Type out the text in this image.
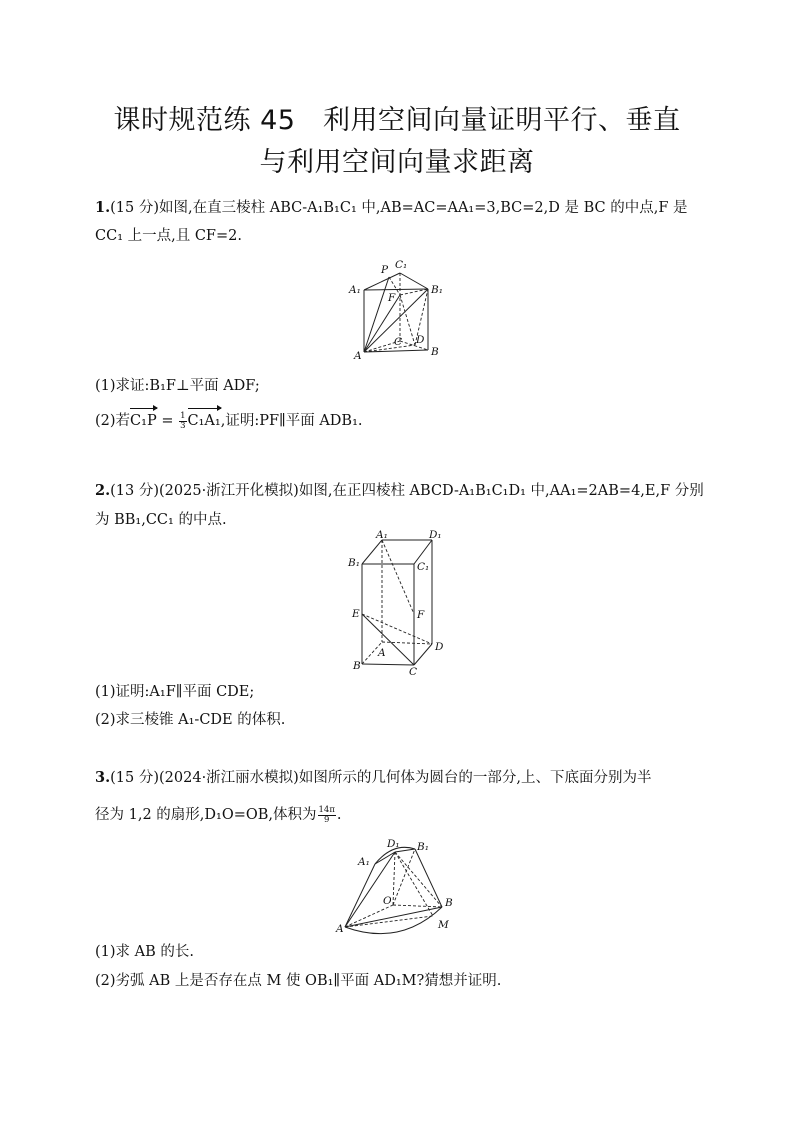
课时规范练 45　利用空间向量证明平行、垂直
与利用空间向量求距离
1.(15 分)如图,在直三棱柱 ABC-A₁B₁C₁ 中,AB=AC=AA₁=3,BC=2,D 是 BC 的中点,F 是
CC₁ 上一点,且 CF=2.
P C₁
A₁	B₁
F
A
C D
B
(1)求证:B₁F⊥平面 ADF;
(2)若$C_1P = \frac{1}{3} C_1A_1$,证明:PF∥平面 ADB₁.
2.(13 分)(2025·浙江开化模拟)如图,在正四棱柱 ABCD-A₁B₁C₁D₁ 中,AA₁=2AB=4,E,F 分别
为 BB₁,CC₁ 的中点.
A₁	D₁
B₁	C₁
E	F
A	D
B	C
(1)证明:A₁F∥平面 CDE;
(2)求三棱锥 A₁-CDE 的体积.
3.(15 分)(2024·浙江丽水模拟)如图所示的几何体为圆台的一部分,上、下底面分别为半
径为 1,2 的扇形,D₁O=OB,体积为 $\frac{14\pi}{9}$ .
D₁ B₁
A₁
O	B
M
A
(1)求 AB 的长.
(2)劣弧 AB 上是否存在点 M 使 OB₁∥平面 AD₁M?猜想并证明.
